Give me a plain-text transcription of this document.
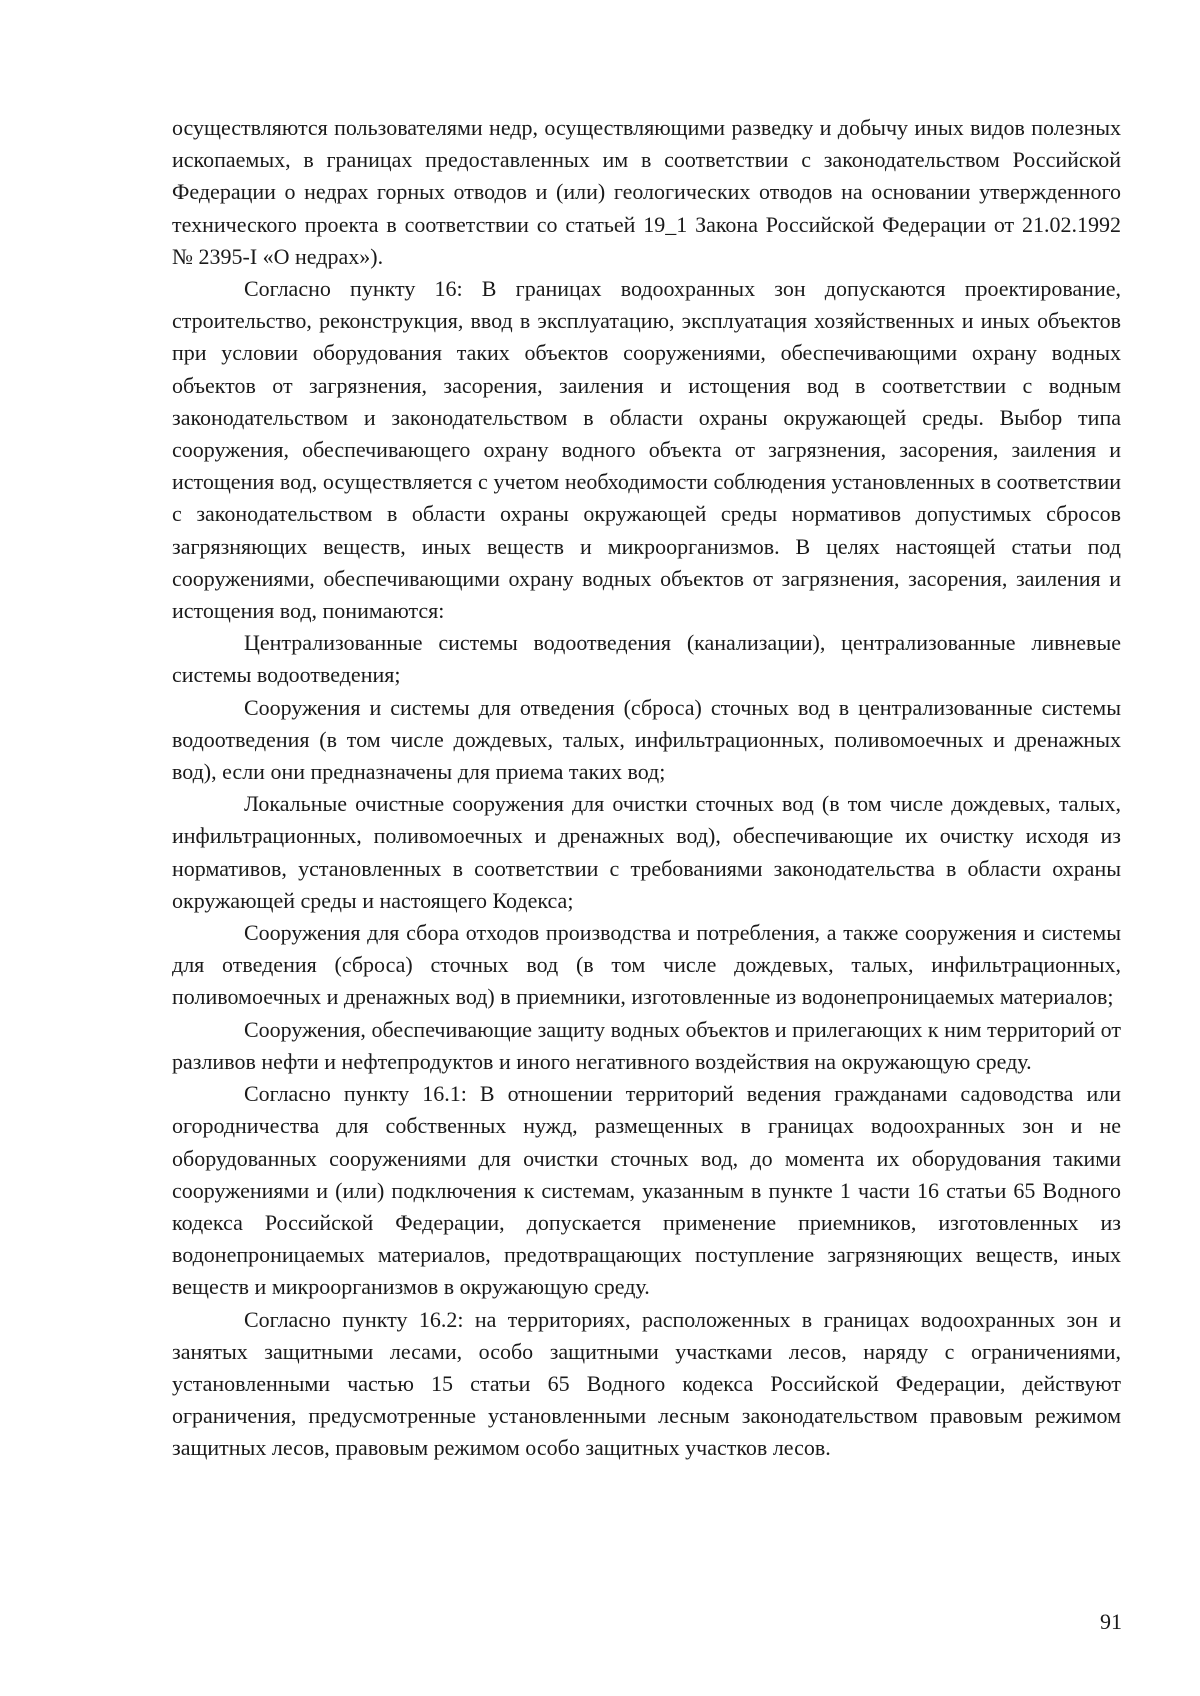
осуществляются пользователями недр, осуществляющими разведку и добычу иных видов полезных ископаемых, в границах предоставленных им в соответствии с законодательством Российской Федерации о недрах горных отводов и (или) геологических отводов на основании утвержденного технического проекта в соответствии со статьей 19_1 Закона Российской Федерации от 21.02.1992 № 2395-I «О недрах»).

Согласно пункту 16: В границах водоохранных зон допускаются проектирование, строительство, реконструкция, ввод в эксплуатацию, эксплуатация хозяйственных и иных объектов при условии оборудования таких объектов сооружениями, обеспечивающими охрану водных объектов от загрязнения, засорения, заиления и истощения вод в соответствии с водным законодательством и законодательством в области охраны окружающей среды. Выбор типа сооружения, обеспечивающего охрану водного объекта от загрязнения, засорения, заиления и истощения вод, осуществляется с учетом необходимости соблюдения установленных в соответствии с законодательством в области охраны окружающей среды нормативов допустимых сбросов загрязняющих веществ, иных веществ и микроорганизмов. В целях настоящей статьи под сооружениями, обеспечивающими охрану водных объектов от загрязнения, засорения, заиления и истощения вод, понимаются:

Централизованные системы водоотведения (канализации), централизованные ливневые системы водоотведения;

Сооружения и системы для отведения (сброса) сточных вод в централизованные системы водоотведения (в том числе дождевых, талых, инфильтрационных, поливомоечных и дренажных вод), если они предназначены для приема таких вод;

Локальные очистные сооружения для очистки сточных вод (в том числе дождевых, талых, инфильтрационных, поливомоечных и дренажных вод), обеспечивающие их очистку исходя из нормативов, установленных в соответствии с требованиями законодательства в области охраны окружающей среды и настоящего Кодекса;

Сооружения для сбора отходов производства и потребления, а также сооружения и системы для отведения (сброса) сточных вод (в том числе дождевых, талых, инфильтрационных, поливомоечных и дренажных вод) в приемники, изготовленные из водонепроницаемых материалов;

Сооружения, обеспечивающие защиту водных объектов и прилегающих к ним территорий от разливов нефти и нефтепродуктов и иного негативного воздействия на окружающую среду.

Согласно пункту 16.1: В отношении территорий ведения гражданами садоводства или огородничества для собственных нужд, размещенных в границах водоохранных зон и не оборудованных сооружениями для очистки сточных вод, до момента их оборудования такими сооружениями и (или) подключения к системам, указанным в пункте 1 части 16 статьи 65 Водного кодекса Российской Федерации, допускается применение приемников, изготовленных из водонепроницаемых материалов, предотвращающих поступление загрязняющих веществ, иных веществ и микроорганизмов в окружающую среду.

Согласно пункту 16.2: на территориях, расположенных в границах водоохранных зон и занятых защитными лесами, особо защитными участками лесов, наряду с ограничениями, установленными частью 15 статьи 65 Водного кодекса Российской Федерации, действуют ограничения, предусмотренные установленными лесным законодательством правовым режимом защитных лесов, правовым режимом особо защитных участков лесов.

91
